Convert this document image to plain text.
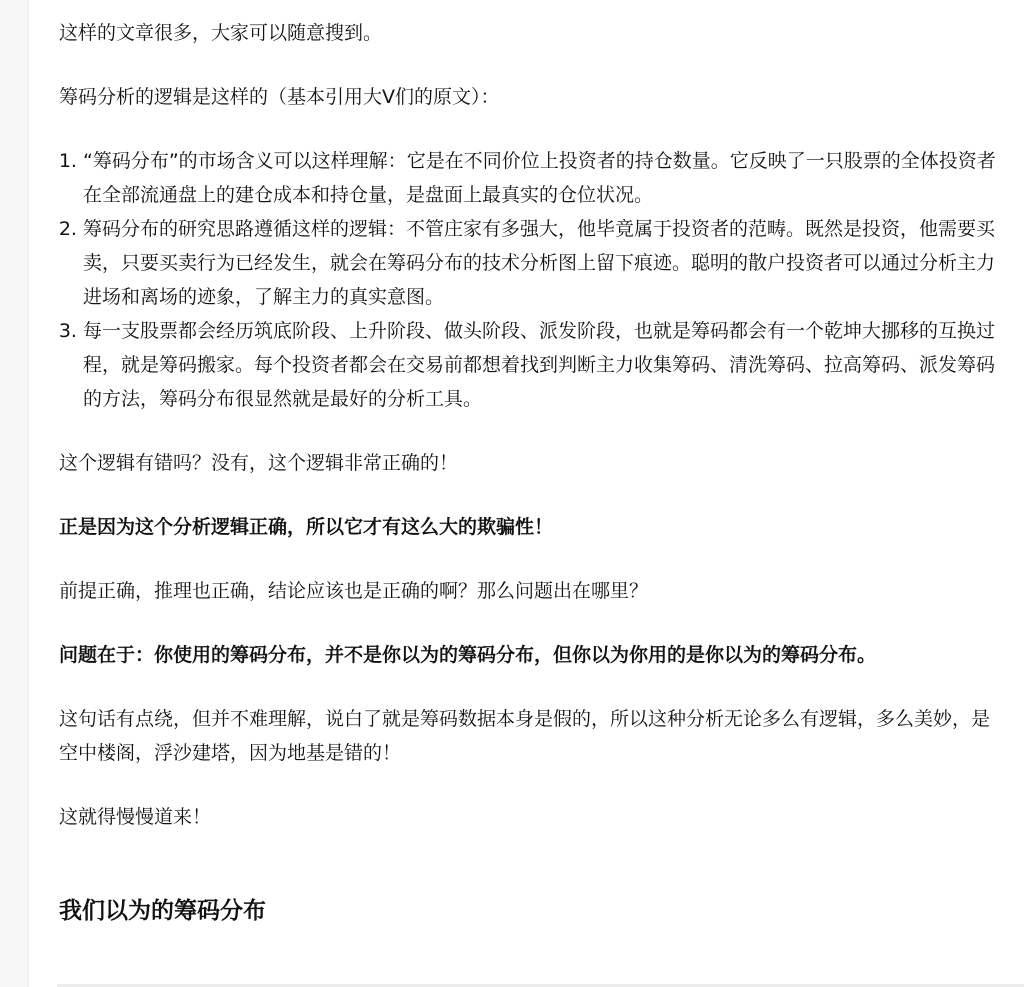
这样的文章很多，大家可以随意搜到。

筹码分析的逻辑是这样的（基本引用大V们的原文）：

1. “筹码分布”的市场含义可以这样理解：它是在不同价位上投资者的持仓数量。它反映了一只股票的全体投资者在全部流通盘上的建仓成本和持仓量，是盘面上最真实的仓位状况。
2. 筹码分布的研究思路遵循这样的逻辑：不管庄家有多强大，他毕竟属于投资者的范畴。既然是投资，他需要买卖，只要买卖行为已经发生，就会在筹码分布的技术分析图上留下痕迹。聪明的散户投资者可以通过分析主力进场和离场的迹象，了解主力的真实意图。
3. 每一支股票都会经历筑底阶段、上升阶段、做头阶段、派发阶段，也就是筹码都会有一个乾坤大挪移的互换过程，就是筹码搬家。每个投资者都会在交易前都想着找到判断主力收集筹码、清洗筹码、拉高筹码、派发筹码的方法，筹码分布很显然就是最好的分析工具。

这个逻辑有错吗？没有，这个逻辑非常正确的！

正是因为这个分析逻辑正确，所以它才有这么大的欺骗性！

前提正确，推理也正确，结论应该也是正确的啊？那么问题出在哪里？

问题在于：你使用的筹码分布，并不是你以为的筹码分布，但你以为你用的是你以为的筹码分布。

这句话有点绕，但并不难理解，说白了就是筹码数据本身是假的，所以这种分析无论多么有逻辑，多么美妙，是空中楼阁，浮沙建塔，因为地基是错的！

这就得慢慢道来！

我们以为的筹码分布
